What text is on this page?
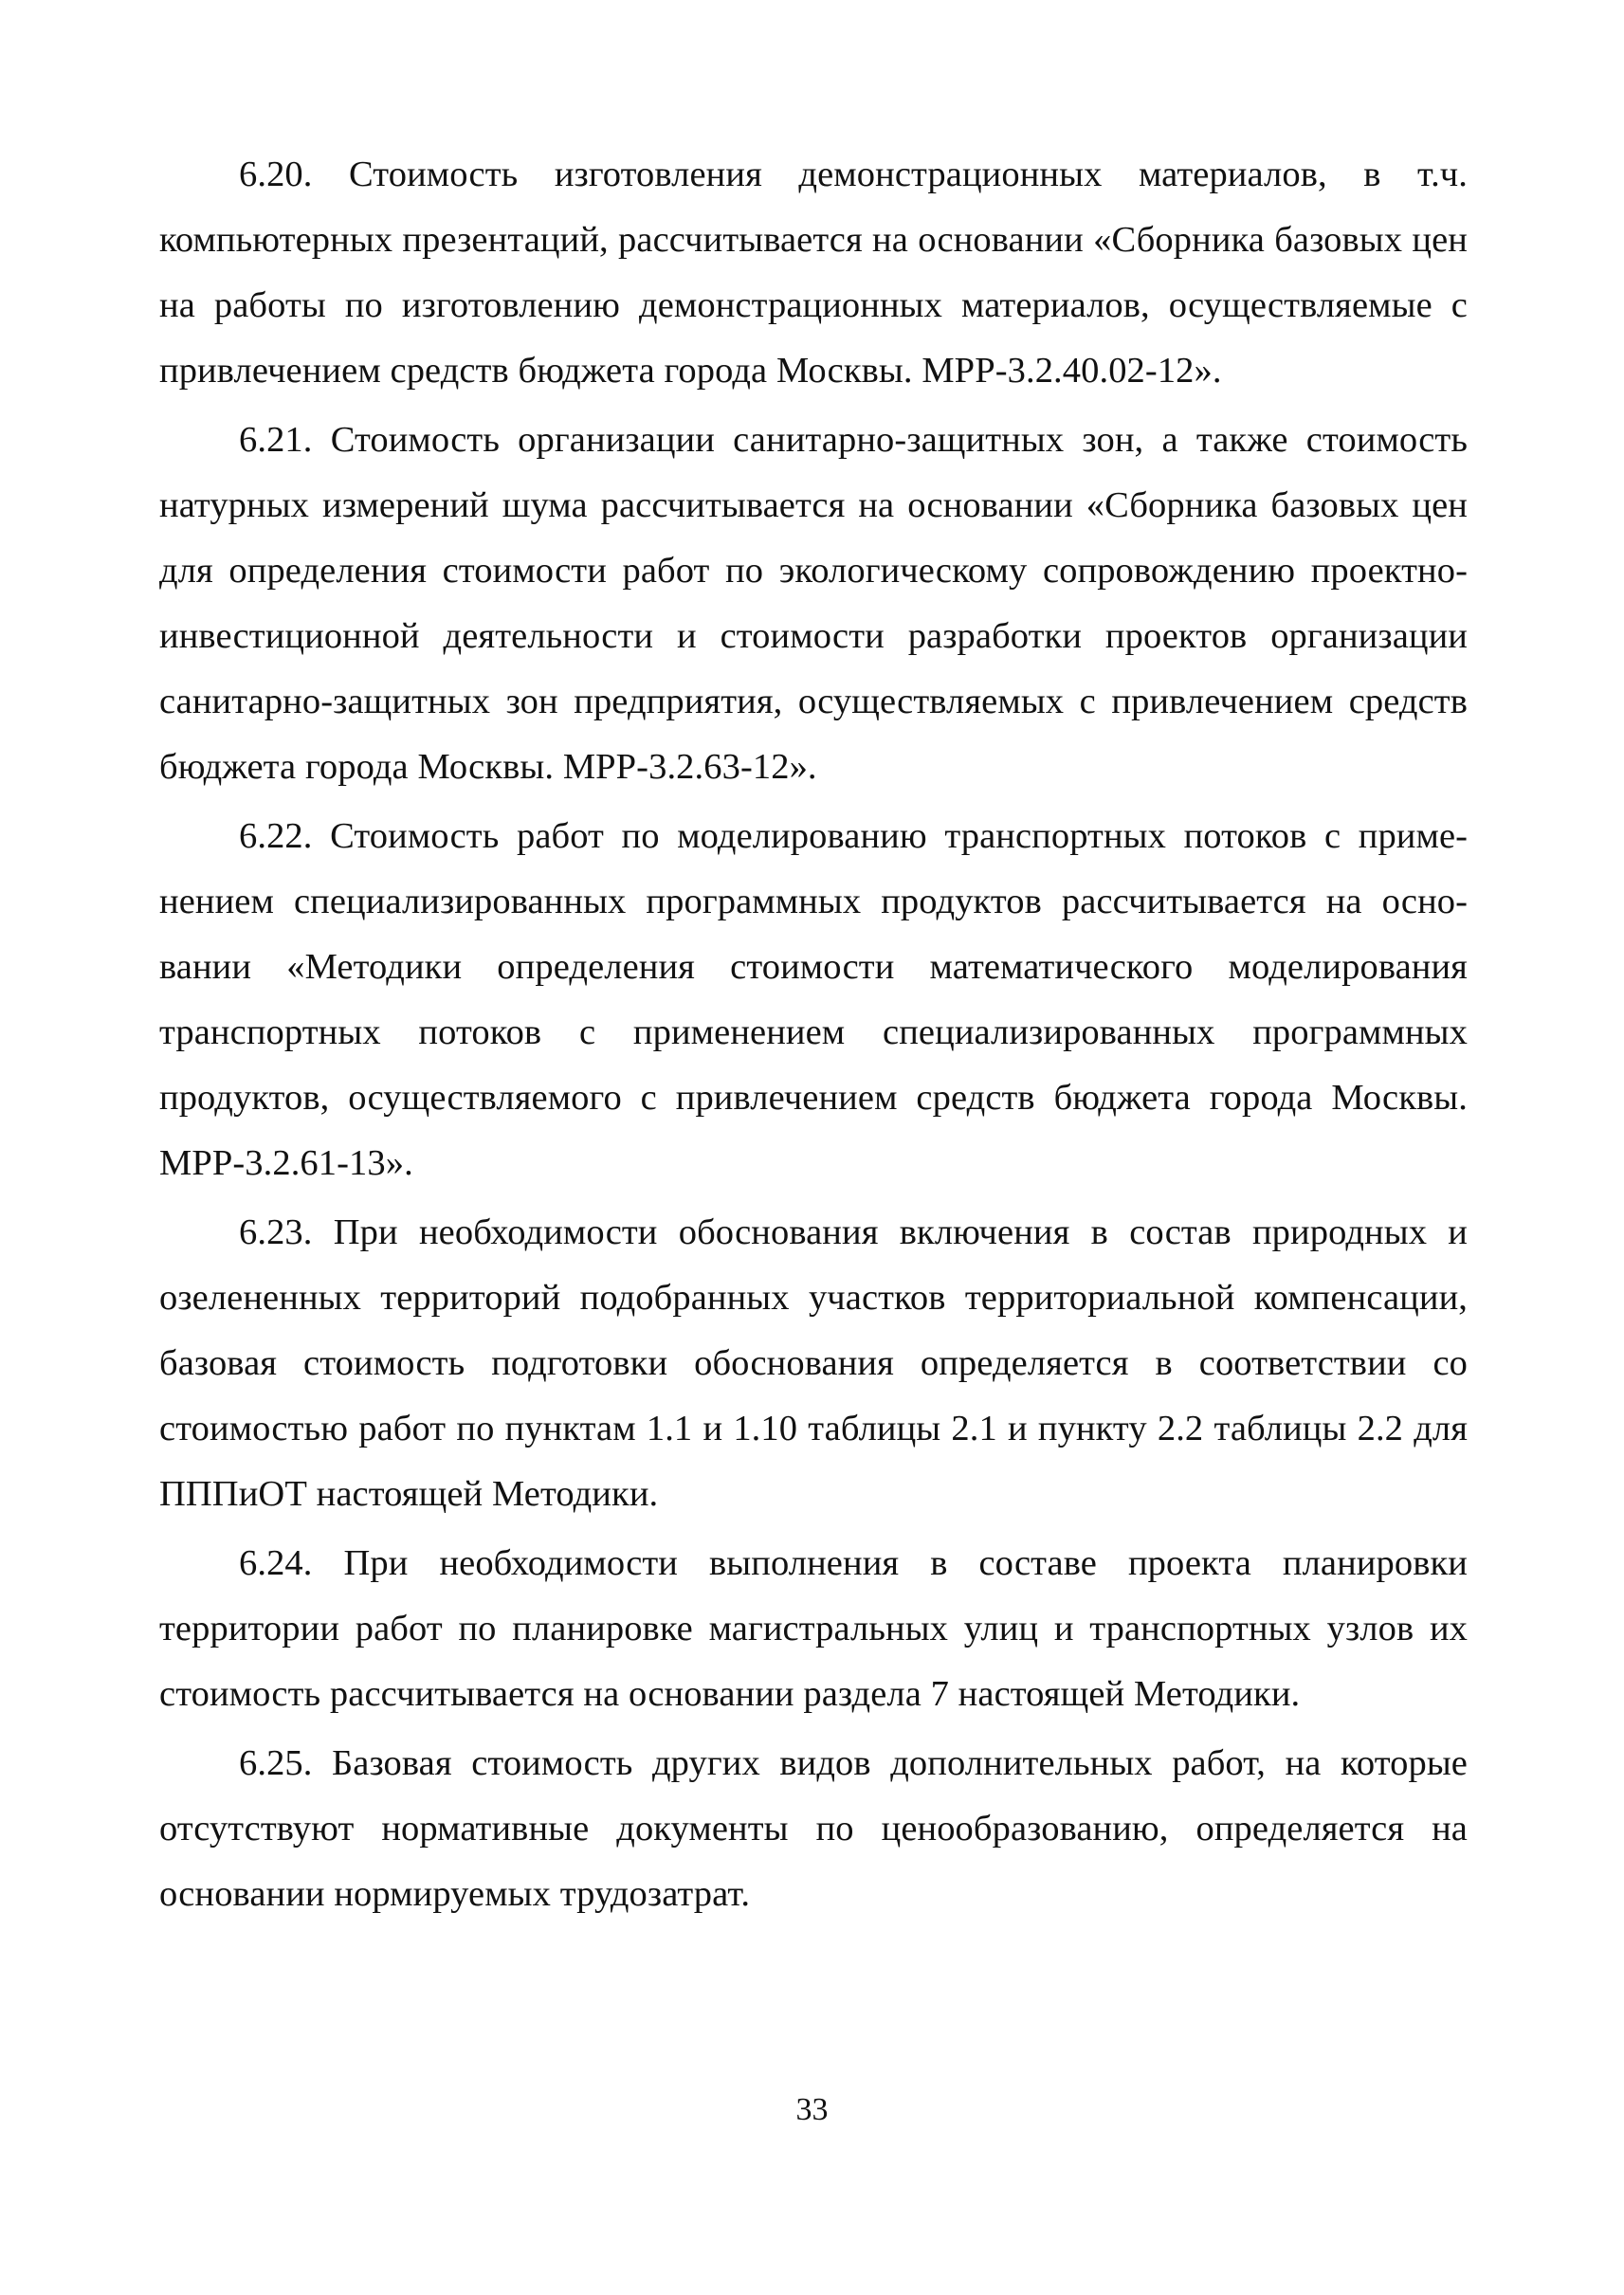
6.20. Стоимость изготовления демонстрационных материалов, в т.ч. компьютерных презентаций, рассчитывается на основании «Сборника базовых цен на работы по изготовлению демонстрационных материалов, осуществляемые с привлечением средств бюджета города Москвы. МРР-3.2.40.02-12».

6.21. Стоимость организации санитарно-защитных зон, а также стоимость натурных измерений шума рассчитывается на основании «Сборника базовых цен для определения стоимости работ по экологическому сопровождению проектно-инвестиционной деятельности и стоимости разработки проектов организации санитарно-защитных зон предприятия, осуществляемых с привлечением средств бюджета города Москвы. МРР-3.2.63-12».

6.22. Стоимость работ по моделированию транспортных потоков с применением специализированных программных продуктов рассчитывается на основании «Методики определения стоимости математического моделирования транспортных потоков с применением специализированных программных продуктов, осуществляемого с привлечением средств бюджета города Москвы. МРР-3.2.61-13».

6.23. При необходимости обоснования включения в состав природных и озелененных территорий подобранных участков территориальной компенсации, базовая стоимость подготовки обоснования определяется в соответствии со стоимостью работ по пунктам 1.1 и 1.10 таблицы 2.1 и пункту 2.2 таблицы 2.2 для ПППиОТ настоящей Методики.

6.24. При необходимости выполнения в составе проекта планировки территории работ по планировке магистральных улиц и транспортных узлов их стоимость рассчитывается на основании раздела 7 настоящей Методики.

6.25. Базовая стоимость других видов дополнительных работ, на которые отсутствуют нормативные документы по ценообразованию, определяется на основании нормируемых трудозатрат.

33
